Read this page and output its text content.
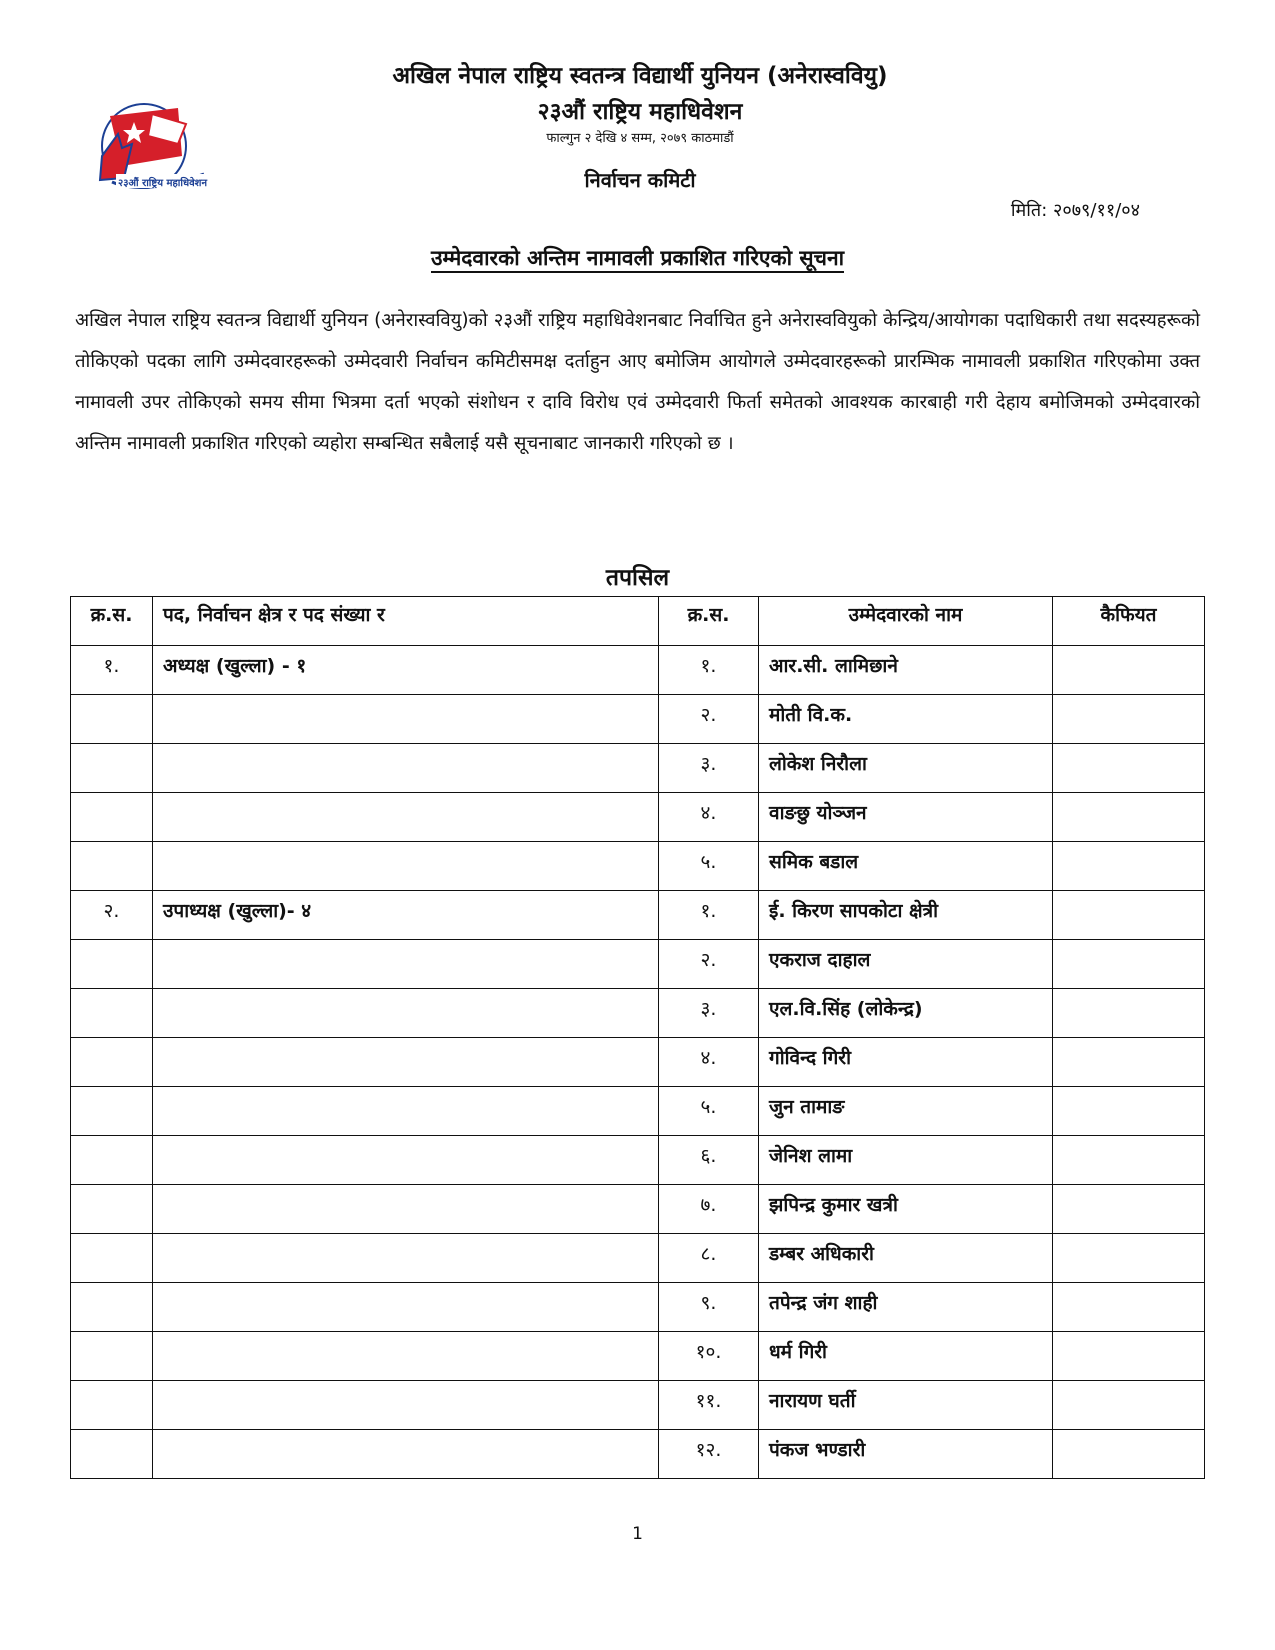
२३औं राष्ट्रिय महाधिवेशन
अखिल नेपाल राष्ट्रिय स्वतन्त्र विद्यार्थी युनियन (अनेरास्ववियु)
२३औं राष्ट्रिय महाधिवेशन
फाल्गुन २ देखि ४ सम्म, २०७९ काठमाडौं
निर्वाचन कमिटी
मिति: २०७९/११/०४
उम्मेदवारको अन्तिम नामावली प्रकाशित गरिएको सूचना

अखिल नेपाल राष्ट्रिय स्वतन्त्र विद्यार्थी युनियन (अनेरास्ववियु)को २३औं राष्ट्रिय महाधिवेशनबाट निर्वाचित हुने अनेरास्ववियुको केन्द्रिय/आयोगका पदाधिकारी तथा सदस्यहरूको तोकिएको पदका लागि उम्मेदवारहरूको उम्मेदवारी निर्वाचन कमिटीसमक्ष दर्ताहुन आए बमोजिम आयोगले उम्मेदवारहरूको प्रारम्भिक नामावली प्रकाशित गरिएकोमा उक्त नामावली उपर तोकिएको समय सीमा भित्रमा दर्ता भएको संशोधन र दावि विरोध एवं उम्मेदवारी फिर्ता समेतको आवश्यक कारबाही गरी देहाय बमोजिमको उम्मेदवारको अन्तिम नामावली प्रकाशित गरिएको व्यहोरा सम्बन्धित सबैलाई यसै सूचनाबाट जानकारी गरिएको छ ।

तपसिल
क्र.स.	पद, निर्वाचन क्षेत्र र पद संख्या र	क्र.स.	उम्मेदवारको नाम	कैफियत
१.	अध्यक्ष (खुल्ला) - १	१.	आर.सी. लामिछाने	
		२.	मोती वि.क.	
		३.	लोकेश निरौला	
		४.	वाङछु योञ्जन	
		५.	समिक बडाल	
२.	उपाध्यक्ष (खुल्ला)- ४	१.	ई. किरण सापकोटा क्षेत्री	
		२.	एकराज दाहाल	
		३.	एल.वि.सिंह (लोकेन्द्र)	
		४.	गोविन्द गिरी	
		५.	जुन तामाङ	
		६.	जेनिश लामा	
		७.	झपिन्द्र कुमार खत्री	
		८.	डम्बर अधिकारी	
		९.	तपेन्द्र जंग शाही	
		१०.	धर्म गिरी	
		११.	नारायण घर्ती	
		१२.	पंकज भण्डारी	
1
